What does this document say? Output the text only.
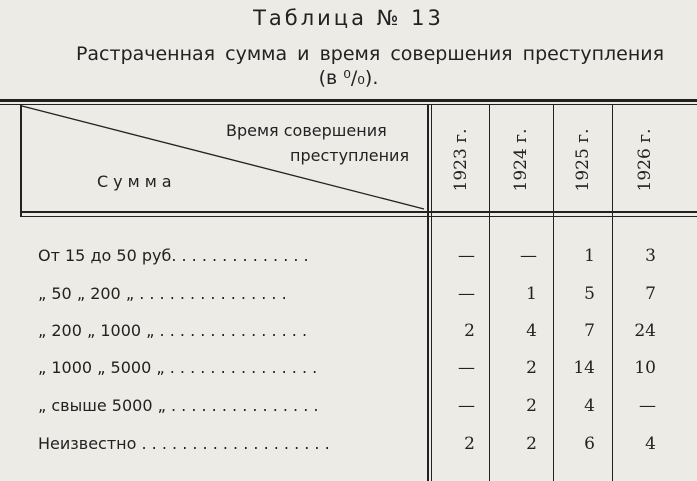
Таблица № 13
Растраченная сумма и время совершения преступления
(в ⁰/₀).
Время совершения
преступления
Сумма	1923 г. 1924 г. 1925 г. 1926 г.
От 15 до 50 руб. . . . . . . . . . . . . .	—	—	1	3
„ 50 „ 200 „ . . . . . . . . . . . . . . .	—	1	5	7
„ 200 „ 1000 „ . . . . . . . . . . . . . . .	2	4	7	24
„ 1000 „ 5000 „ . . . . . . . . . . . . . . .	—	2	14	10
„ свыше 5000 „ . . . . . . . . . . . . . . .	—	2	4	—
Неизвестно . . . . . . . . . . . . . . . . . . .	2	2	6	4
